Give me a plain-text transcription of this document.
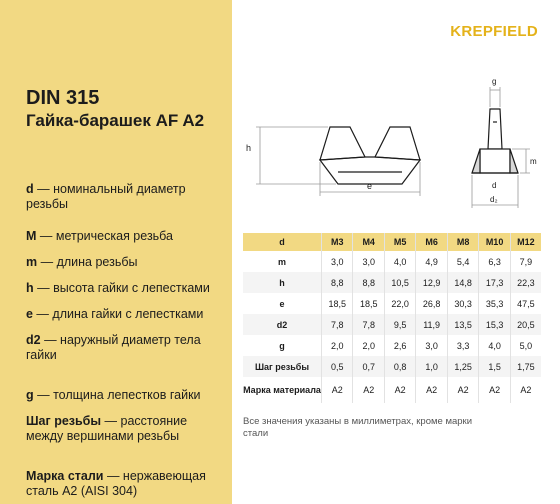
DIN 315
Гайка-барашек AF A2

d — номинальный диаметр резьбы

M — метрическая резьба

m — длина резьбы

h — высота гайки с лепестками

e — длина гайки с лепестками

d2 — наружный диаметр тела гайки

g — толщина лепестков гайки

Шаг резьбы — расстояние между вершинами резьбы

Марка стали — нержавеющая сталь А2 (AISI 304)

KREPFIELD
h
e
g
m
d
d₂
d	M3	M4	M5	M6	M8	M10	M12
m	3,0	3,0	4,0	4,9	5,4	6,3	7,9
h	8,8	8,8	10,5	12,9	14,8	17,3	22,3
e	18,5	18,5	22,0	26,8	30,3	35,3	47,5
d2	7,8	7,8	9,5	11,9	13,5	15,3	20,5
g	2,0	2,0	2,6	3,0	3,3	4,0	5,0
Шаг резьбы	0,5	0,7	0,8	1,0	1,25	1,5	1,75
Марка материала	A2	A2	A2	A2	A2	A2	A2
Все значения указаны в миллиметрах, кроме марки стали
